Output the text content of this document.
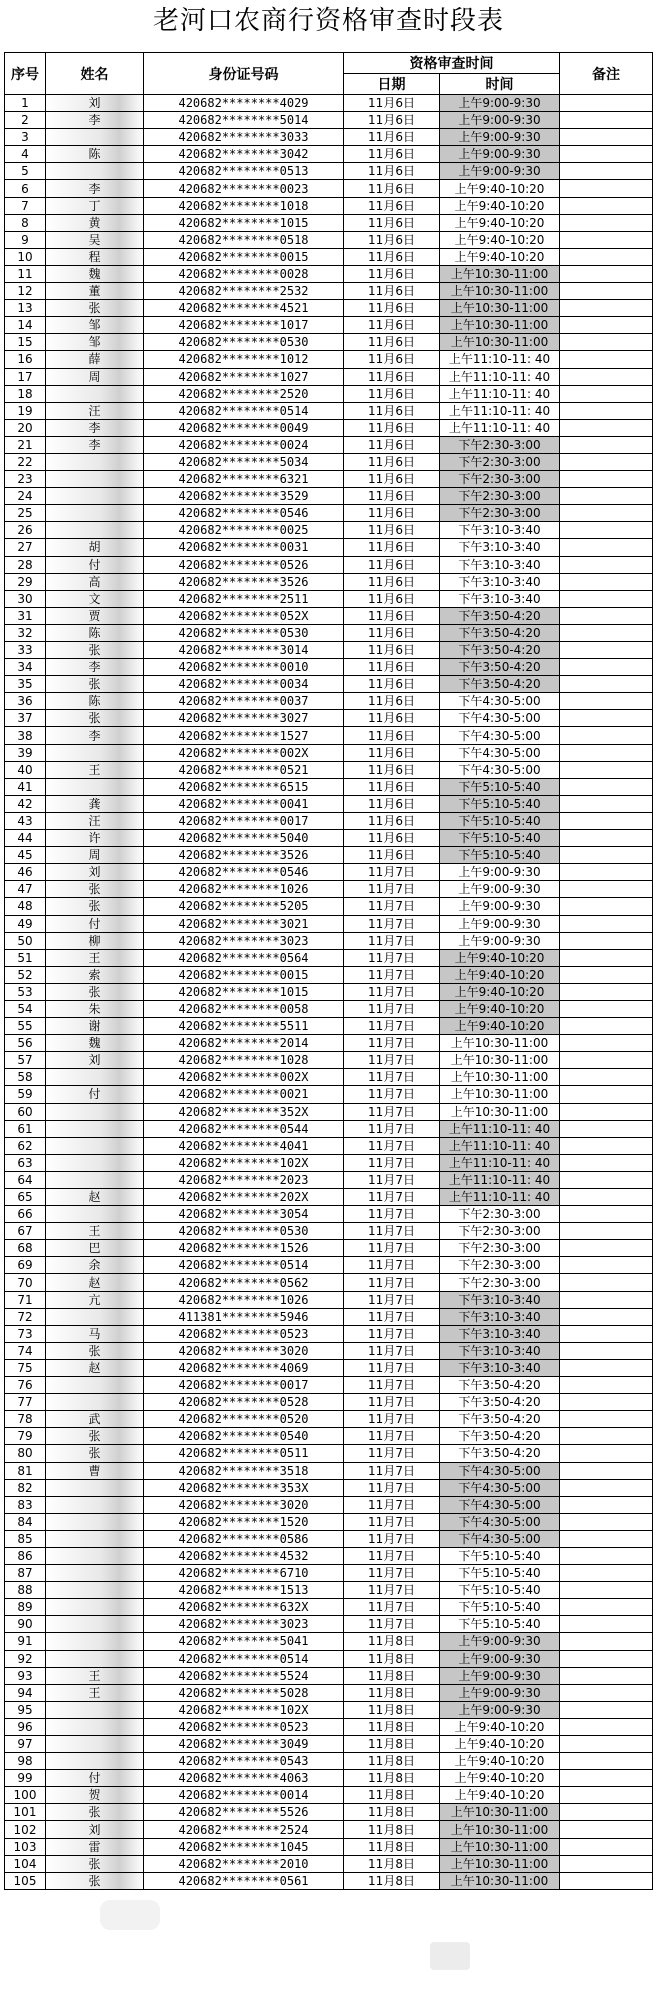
老河口农商行资格审查时段表
序号	姓名	身份证号码	资格审查时间		备注
			日期	时间	
1	刘	420682********4029	11月6日	上午9:00-9:30	
2	李	420682********5014	11月6日	上午9:00-9:30	
3		420682********3033	11月6日	上午9:00-9:30	
4	陈	420682********3042	11月6日	上午9:00-9:30	
5		420682********0513	11月6日	上午9:00-9:30	
6	李	420682********0023	11月6日	上午9:40-10:20	
7	丁	420682********1018	11月6日	上午9:40-10:20	
8	黄	420682********1015	11月6日	上午9:40-10:20	
9	吴	420682********0518	11月6日	上午9:40-10:20	
10	程	420682********0015	11月6日	上午9:40-10:20	
11	魏	420682********0028	11月6日	上午10:30-11:00	
12	董	420682********2532	11月6日	上午10:30-11:00	
13	张	420682********4521	11月6日	上午10:30-11:00	
14	邹	420682********1017	11月6日	上午10:30-11:00	
15	邹	420682********0530	11月6日	上午10:30-11:00	
16	薛	420682********1012	11月6日	上午11:10-11: 40	
17	周	420682********1027	11月6日	上午11:10-11: 40	
18		420682********2520	11月6日	上午11:10-11: 40	
19	汪	420682********0514	11月6日	上午11:10-11: 40	
20	李	420682********0049	11月6日	上午11:10-11: 40	
21	李	420682********0024	11月6日	下午2:30-3:00	
22		420682********5034	11月6日	下午2:30-3:00	
23		420682********6321	11月6日	下午2:30-3:00	
24		420682********3529	11月6日	下午2:30-3:00	
25		420682********0546	11月6日	下午2:30-3:00	
26		420682********0025	11月6日	下午3:10-3:40	
27	胡	420682********0031	11月6日	下午3:10-3:40	
28	付	420682********0526	11月6日	下午3:10-3:40	
29	高	420682********3526	11月6日	下午3:10-3:40	
30	文	420682********2511	11月6日	下午3:10-3:40	
31	贾	420682********052X	11月6日	下午3:50-4:20	
32	陈	420682********0530	11月6日	下午3:50-4:20	
33	张	420682********3014	11月6日	下午3:50-4:20	
34	李	420682********0010	11月6日	下午3:50-4:20	
35	张	420682********0034	11月6日	下午3:50-4:20	
36	陈	420682********0037	11月6日	下午4:30-5:00	
37	张	420682********3027	11月6日	下午4:30-5:00	
38	李	420682********1527	11月6日	下午4:30-5:00	
39		420682********002X	11月6日	下午4:30-5:00	
40	王	420682********0521	11月6日	下午4:30-5:00	
41		420682********6515	11月6日	下午5:10-5:40	
42	龚	420682********0041	11月6日	下午5:10-5:40	
43	汪	420682********0017	11月6日	下午5:10-5:40	
44	许	420682********5040	11月6日	下午5:10-5:40	
45	周	420682********3526	11月6日	下午5:10-5:40	
46	刘	420682********0546	11月7日	上午9:00-9:30	
47	张	420682********1026	11月7日	上午9:00-9:30	
48	张	420682********5205	11月7日	上午9:00-9:30	
49	付	420682********3021	11月7日	上午9:00-9:30	
50	柳	420682********3023	11月7日	上午9:00-9:30	
51	王	420682********0564	11月7日	上午9:40-10:20	
52	索	420682********0015	11月7日	上午9:40-10:20	
53	张	420682********1015	11月7日	上午9:40-10:20	
54	朱	420682********0058	11月7日	上午9:40-10:20	
55	谢	420682********5511	11月7日	上午9:40-10:20	
56	魏	420682********2014	11月7日	上午10:30-11:00	
57	刘	420682********1028	11月7日	上午10:30-11:00	
58		420682********002X	11月7日	上午10:30-11:00	
59	付	420682********0021	11月7日	上午10:30-11:00	
60		420682********352X	11月7日	上午10:30-11:00	
61		420682********0544	11月7日	上午11:10-11: 40	
62		420682********4041	11月7日	上午11:10-11: 40	
63		420682********102X	11月7日	上午11:10-11: 40	
64		420682********2023	11月7日	上午11:10-11: 40	
65	赵	420682********202X	11月7日	上午11:10-11: 40	
66		420682********3054	11月7日	下午2:30-3:00	
67	王	420682********0530	11月7日	下午2:30-3:00	
68	巴	420682********1526	11月7日	下午2:30-3:00	
69	余	420682********0514	11月7日	下午2:30-3:00	
70	赵	420682********0562	11月7日	下午2:30-3:00	
71	亢	420682********1026	11月7日	下午3:10-3:40	
72		411381********5946	11月7日	下午3:10-3:40	
73	马	420682********0523	11月7日	下午3:10-3:40	
74	张	420682********3020	11月7日	下午3:10-3:40	
75	赵	420682********4069	11月7日	下午3:10-3:40	
76		420682********0017	11月7日	下午3:50-4:20	
77		420682********0528	11月7日	下午3:50-4:20	
78	武	420682********0520	11月7日	下午3:50-4:20	
79	张	420682********0540	11月7日	下午3:50-4:20	
80	张	420682********0511	11月7日	下午3:50-4:20	
81	曹	420682********3518	11月7日	下午4:30-5:00	
82		420682********353X	11月7日	下午4:30-5:00	
83		420682********3020	11月7日	下午4:30-5:00	
84		420682********1520	11月7日	下午4:30-5:00	
85		420682********0586	11月7日	下午4:30-5:00	
86		420682********4532	11月7日	下午5:10-5:40	
87		420682********6710	11月7日	下午5:10-5:40	
88		420682********1513	11月7日	下午5:10-5:40	
89		420682********632X	11月7日	下午5:10-5:40	
90		420682********3023	11月7日	下午5:10-5:40	
91		420682********5041	11月8日	上午9:00-9:30	
92		420682********0514	11月8日	上午9:00-9:30	
93	王	420682********5524	11月8日	上午9:00-9:30	
94	王	420682********5028	11月8日	上午9:00-9:30	
95		420682********102X	11月8日	上午9:00-9:30	
96		420682********0523	11月8日	上午9:40-10:20	
97		420682********3049	11月8日	上午9:40-10:20	
98		420682********0543	11月8日	上午9:40-10:20	
99	付	420682********4063	11月8日	上午9:40-10:20	
100	贺	420682********0014	11月8日	上午9:40-10:20	
101	张	420682********5526	11月8日	上午10:30-11:00	
102	刘	420682********2524	11月8日	上午10:30-11:00	
103	雷	420682********1045	11月8日	上午10:30-11:00	
104	张	420682********2010	11月8日	上午10:30-11:00	
105	张	420682********0561	11月8日	上午10:30-11:00	
